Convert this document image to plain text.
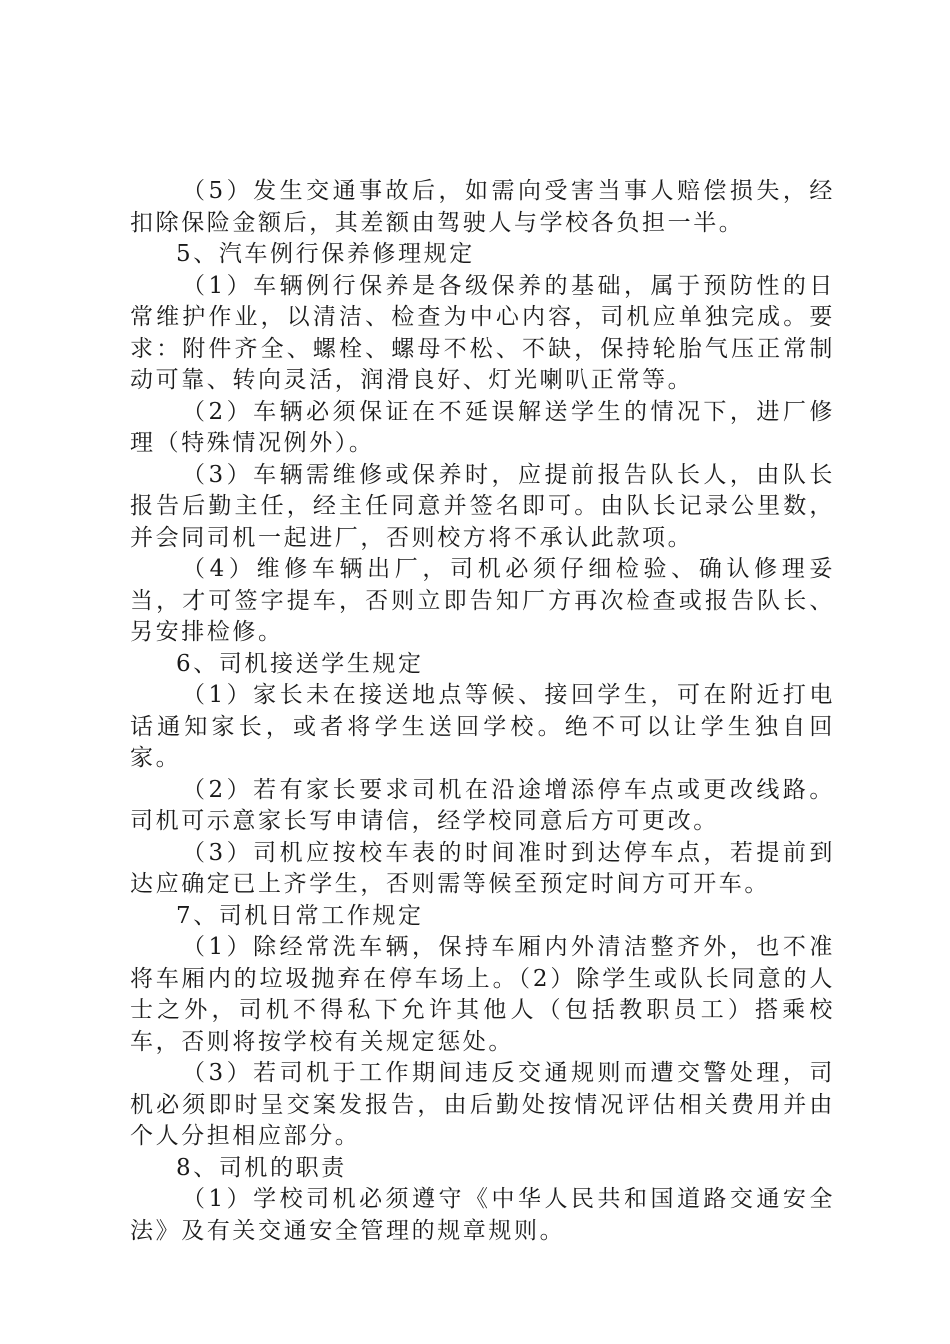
（5）发生交通事故后，如需向受害当事人赔偿损失，经扣除保险金额后，其差额由驾驶人与学校各负担一半。

5、汽车例行保养修理规定

（1）车辆例行保养是各级保养的基础，属于预防性的日常维护作业，以清洁、检查为中心内容，司机应单独完成。要求：附件齐全、螺栓、螺母不松、不缺，保持轮胎气压正常制动可靠、转向灵活，润滑良好、灯光喇叭正常等。

（2）车辆必须保证在不延误解送学生的情况下，进厂修理（特殊情况例外）。

（3）车辆需维修或保养时，应提前报告队长人，由队长报告后勤主任，经主任同意并签名即可。由队长记录公里数，并会同司机一起进厂，否则校方将不承认此款项。

（4）维修车辆出厂，司机必须仔细检验、确认修理妥当，才可签字提车，否则立即告知厂方再次检查或报告队长、另安排检修。

6、司机接送学生规定

（1）家长未在接送地点等候、接回学生，可在附近打电话通知家长，或者将学生送回学校。绝不可以让学生独自回家。

（2）若有家长要求司机在沿途增添停车点或更改线路。司机可示意家长写申请信，经学校同意后方可更改。

（3）司机应按校车表的时间准时到达停车点，若提前到达应确定已上齐学生，否则需等候至预定时间方可开车。

7、司机日常工作规定

（1）除经常洗车辆，保持车厢内外清洁整齐外，也不准将车厢内的垃圾抛弃在停车场上。（2）除学生或队长同意的人士之外，司机不得私下允许其他人（包括教职员工）搭乘校车，否则将按学校有关规定惩处。

（3）若司机于工作期间违反交通规则而遭交警处理，司机必须即时呈交案发报告，由后勤处按情况评估相关费用并由个人分担相应部分。

8、司机的职责

（1）学校司机必须遵守《中华人民共和国道路交通安全法》及有关交通安全管理的规章规则。
